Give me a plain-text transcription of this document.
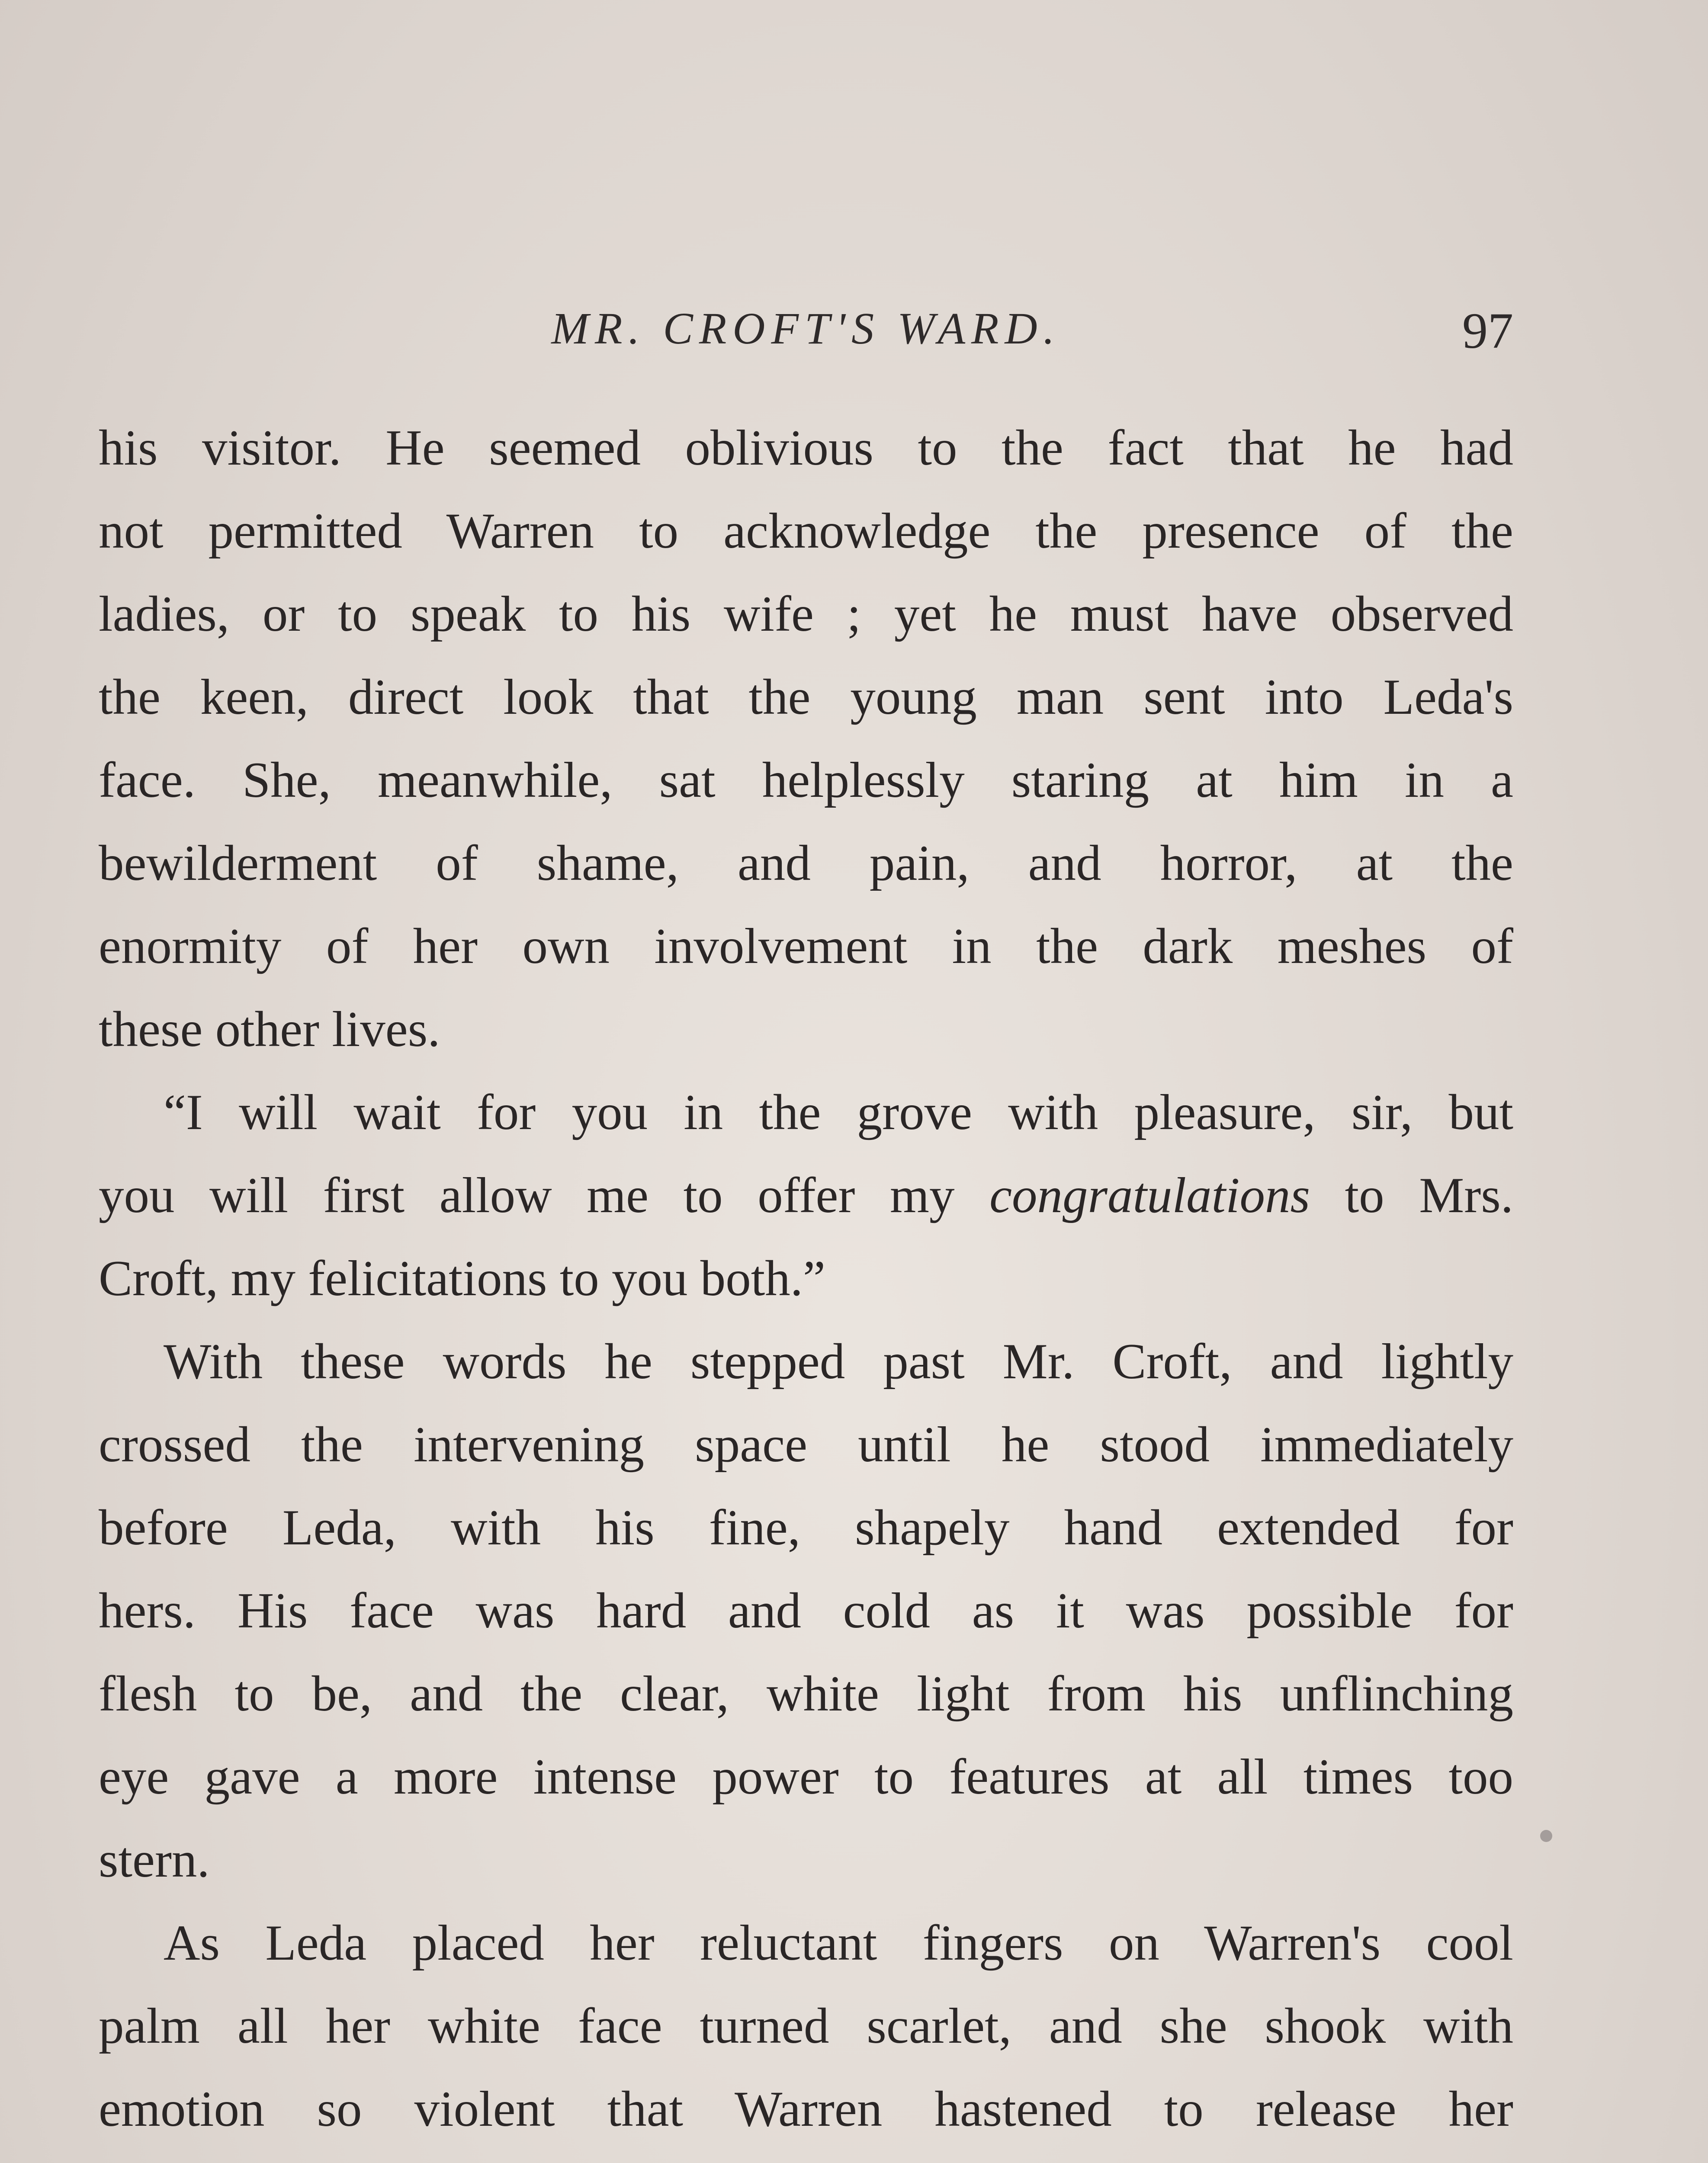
MR. CROFT'S WARD.	97
his visitor. He seemed oblivious to the fact that he had
not permitted Warren to acknowledge the presence of the
ladies, or to speak to his wife ; yet he must have observed
the keen, direct look that the young man sent into Leda's
face. She, meanwhile, sat helplessly staring at him in a
bewilderment of shame, and pain, and horror, at the
enormity of her own involvement in the dark meshes of
these other lives.
“I will wait for you in the grove with pleasure, sir, but
you will first allow me to offer my congratulations to Mrs.
Croft, my felicitations to you both.”
With these words he stepped past Mr. Croft, and lightly
crossed the intervening space until he stood immediately
before Leda, with his fine, shapely hand extended for
hers. His face was hard and cold as it was possible for
flesh to be, and the clear, white light from his unflinching
eye gave a more intense power to features at all times too
stern.
As Leda placed her reluctant fingers on Warren's cool
palm all her white face turned scarlet, and she shook with
emotion so violent that Warren hastened to release her
